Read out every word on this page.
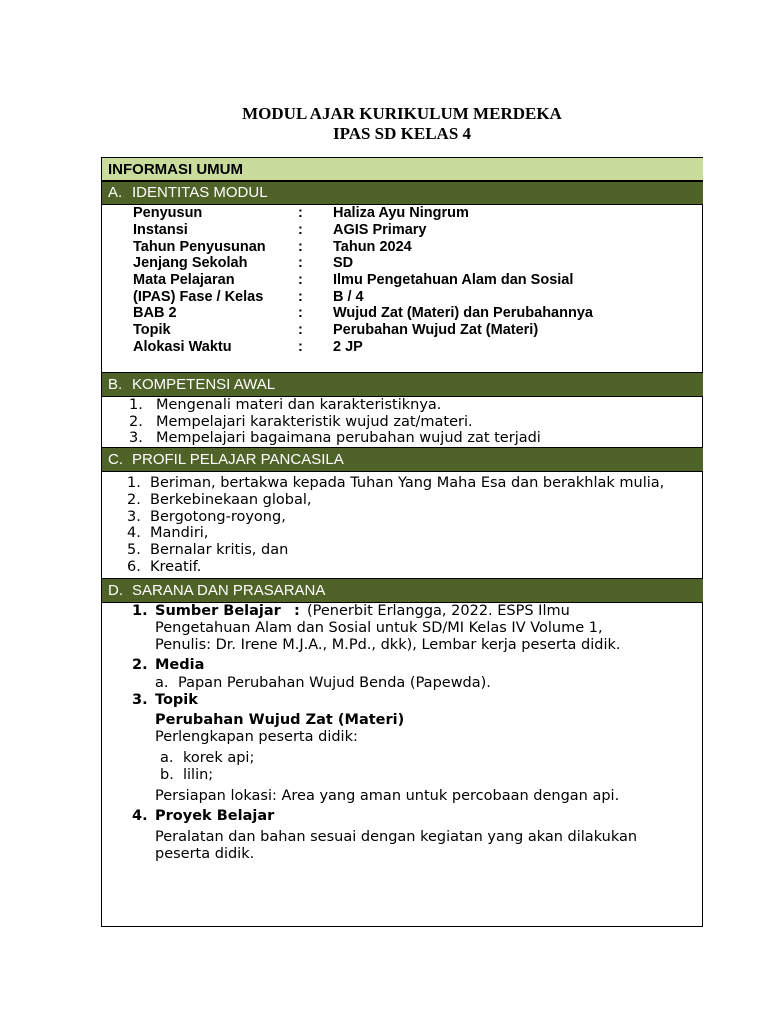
MODUL AJAR KURIKULUM MERDEKA
IPAS SD KELAS 4
INFORMASI UMUM
A. IDENTITAS MODUL
Penyusun	: Haliza Ayu Ningrum
Instansi	: AGIS Primary
Tahun Penyusunan : Tahun 2024
Jenjang Sekolah	: SD
Mata Pelajaran	: Ilmu Pengetahuan Alam dan Sosial
(IPAS) Fase / Kelas : B / 4
BAB 2	: Wujud Zat (Materi) dan Perubahannya
Topik	: Perubahan Wujud Zat (Materi)
Alokasi Waktu	: 2 JP
B. KOMPETENSI AWAL
1. Mengenali materi dan karakteristiknya.
2. Mempelajari karakteristik wujud zat/materi.
3. Mempelajari bagaimana perubahan wujud zat terjadi
C. PROFIL PELAJAR PANCASILA
1. Beriman, bertakwa kepada Tuhan Yang Maha Esa dan berakhlak mulia,
2. Berkebinekaan global,
3. Bergotong-royong,
4. Mandiri,
5. Bernalar kritis, dan
6. Kreatif.
D. SARANA DAN PRASARANA
1. Sumber Belajar : (Penerbit Erlangga, 2022. ESPS Ilmu
Pengetahuan Alam dan Sosial untuk SD/MI Kelas IV Volume 1,
Penulis: Dr. Irene M.J.A., M.Pd., dkk), Lembar kerja peserta didik.
2. Media
a. Papan Perubahan Wujud Benda (Papewda).
3. Topik
Perubahan Wujud Zat (Materi)
Perlengkapan peserta didik:
a. korek api;
b. lilin;
Persiapan lokasi: Area yang aman untuk percobaan dengan api.
4. Proyek Belajar
Peralatan dan bahan sesuai dengan kegiatan yang akan dilakukan
peserta didik.
